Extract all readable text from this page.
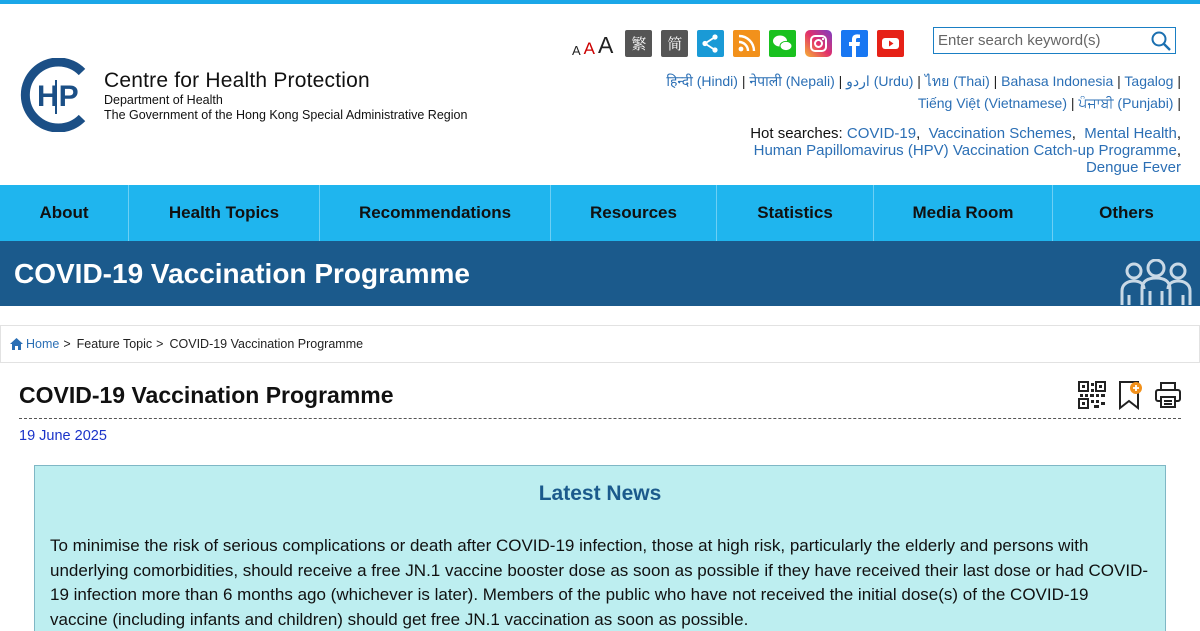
HP Centre for Health Protection
Department of Health
The Government of the Hong Kong Special Administrative Region
A A A	繁	简
Enter search keyword(s)
हिन्दी (Hindi) | नेपाली (Nepali) | اردو (Urdu) | ไทย (Thai) | Bahasa Indonesia | Tagalog |
Tiếng Việt (Vietnamese) | ਪੰਜਾਬੀ (Punjabi) |
Hot searches: COVID-19,  Vaccination Schemes,  Mental Health,
Human Papillomavirus (HPV) Vaccination Catch-up Programme,
Dengue Fever
About	Health Topics	Recommendations	Resources	Statistics	Media Room	Others
COVID-19 Vaccination Programme
Home > Feature Topic > COVID-19 Vaccination Programme
COVID-19 Vaccination Programme
19 June 2025
Latest News

To minimise the risk of serious complications or death after COVID-19 infection, those at high risk, particularly the elderly and persons with underlying comorbidities, should receive a free JN.1 vaccine booster dose as soon as possible if they have received their last dose or had COVID-19 infection more than 6 months ago (whichever is later). Members of the public who have not received the initial dose(s) of the COVID-19 vaccine (including infants and children) should get free JN.1 vaccination as soon as possible.
